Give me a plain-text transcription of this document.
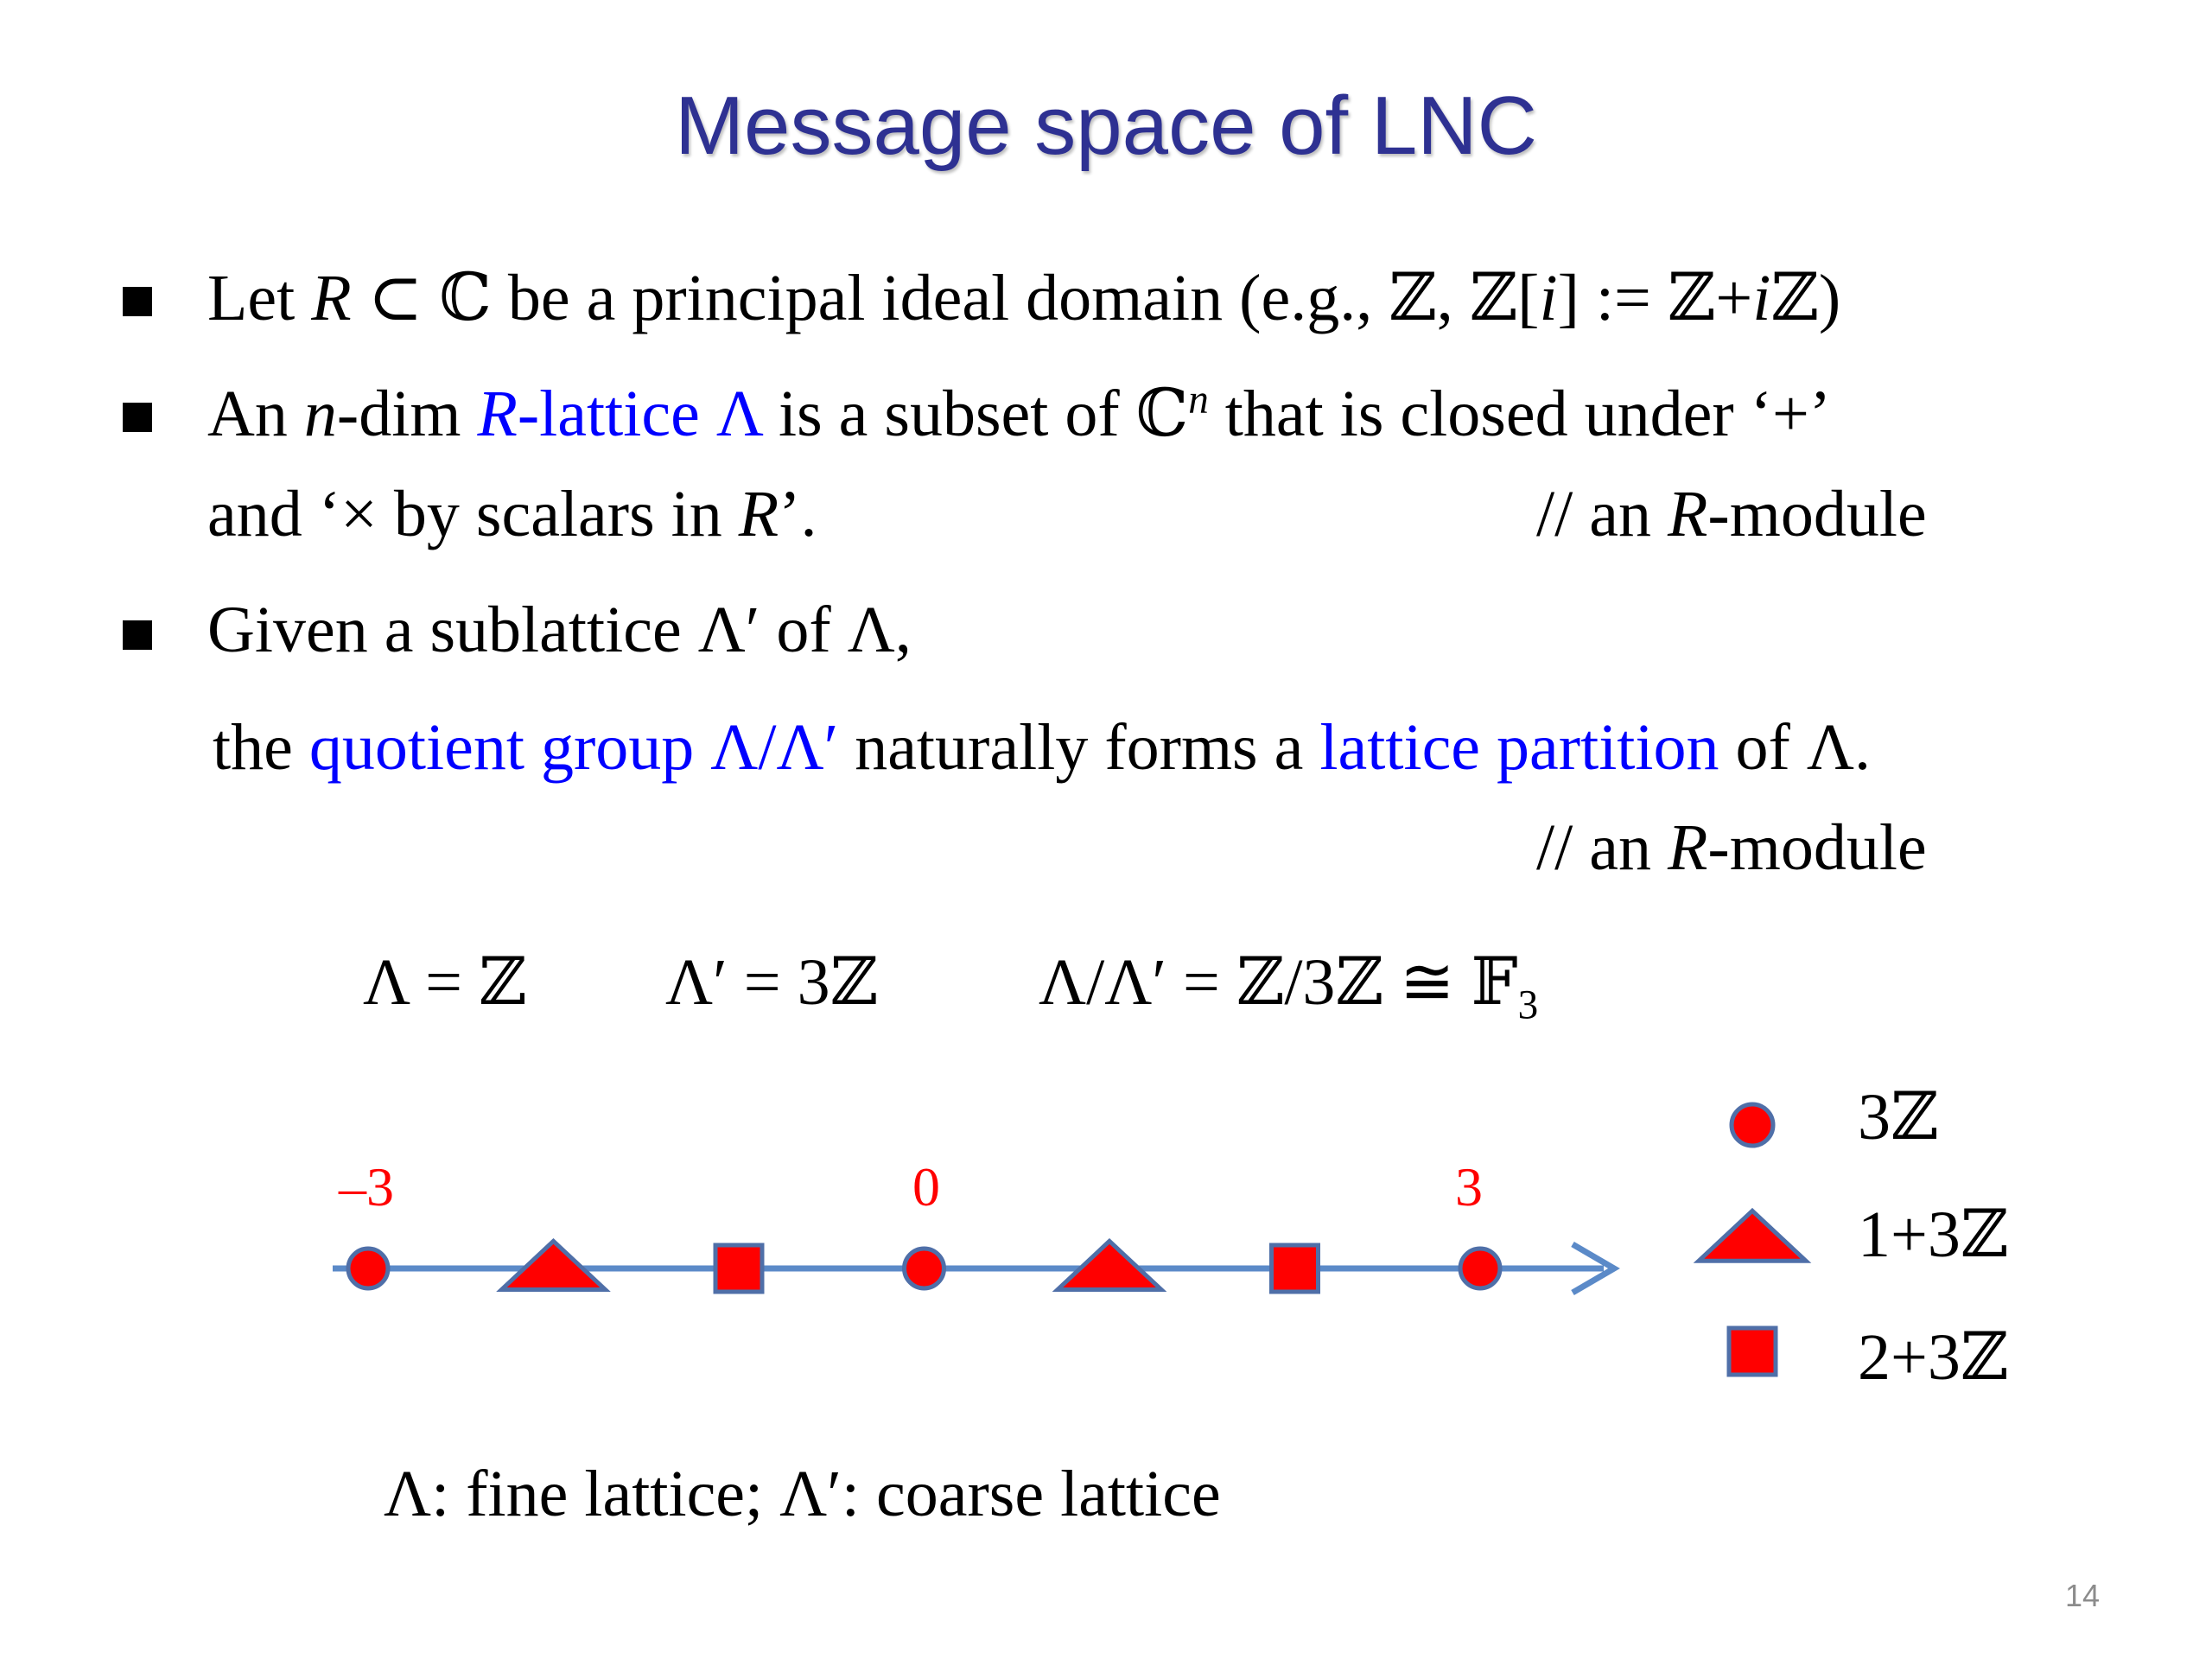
Message space of LNC
Let R ⊂ ℂ be a principal ideal domain (e.g., ℤ, ℤ[i] := ℤ+iℤ)
An n-dim R-lattice Λ is a subset of ℂ$^n$ that is closed under ‘+’
and ‘× by scalars in R’.	// an R-module
Given a sublattice Λ′ of Λ,
the quotient group Λ/Λ′ naturally forms a lattice partition of Λ.
// an R-module
Λ = ℤ Λ′ = 3ℤ Λ/Λ′ = ℤ/3ℤ ≅ 𝔽$_3$
–3	0	3
3ℤ
1+3ℤ
2+3ℤ
Λ: fine lattice; Λ′: coarse lattice
14
